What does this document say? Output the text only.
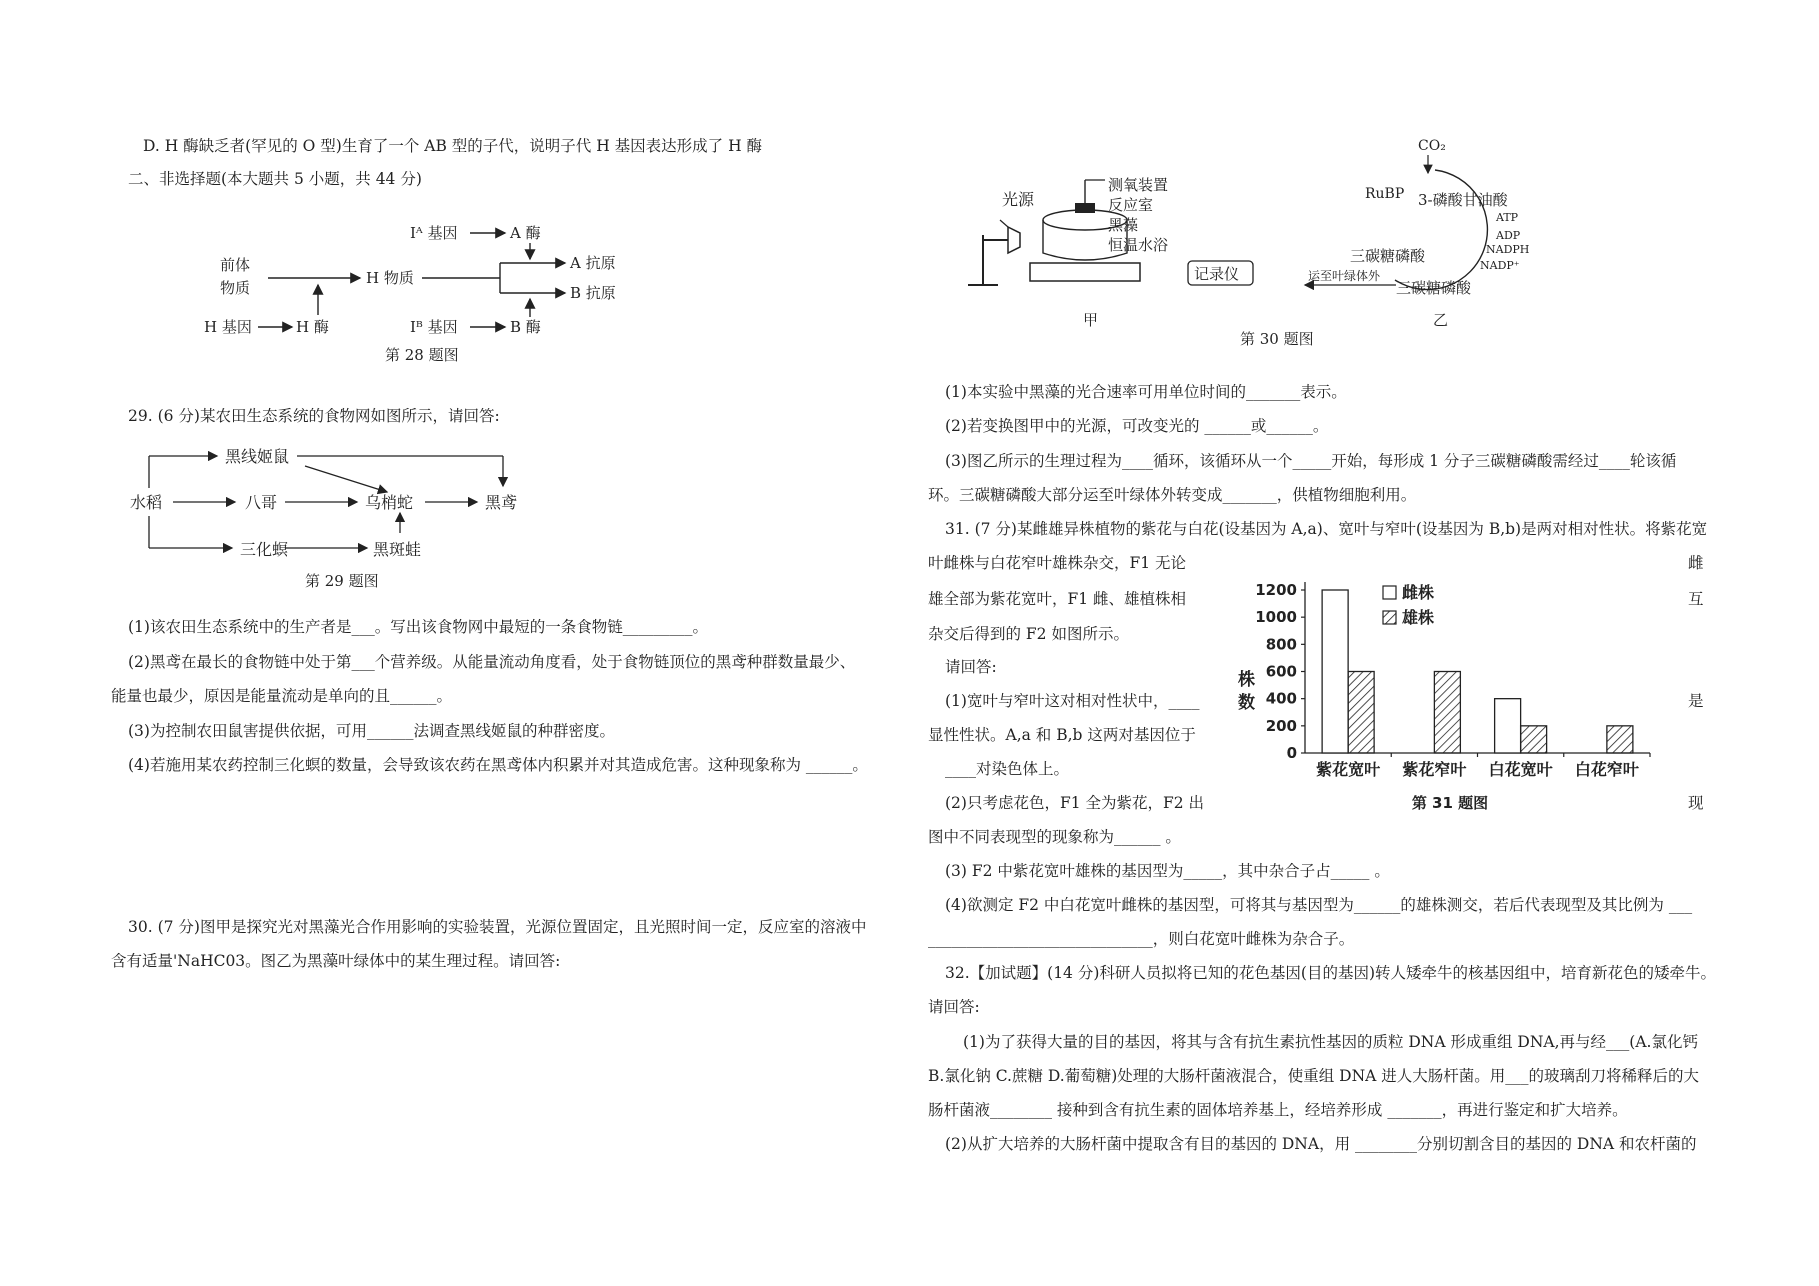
D. H 酶缺乏者(罕见的 O 型)生育了一个 AB 型的子代，说明子代 H 基因表达形成了 H 酶
二、非选择题(本大题共 5 小题，共 44 分)
前体
物质
H 物质
H 基因	H 酶
A 抗原
B 抗原
Iᴬ 基因	A 酶
Iᴮ 基因	B 酶
第 28 题图
29. (6 分)某农田生态系统的食物网如图所示，请回答:
水稻
黑线姬鼠
八哥	乌梢蛇	黑鸢
三化螟	黑斑蛙
第 29 题图
(1)该农田生态系统中的生产者是___。写出该食物网中最短的一条食物链_________。
(2)黑鸢在最长的食物链中处于第___个营养级。从能量流动角度看，处于食物链顶位的黑鸢种群数量最少、
能量也最少，原因是能量流动是单向的且______。
(3)为控制农田鼠害提供依据，可用______法调查黑线姬鼠的种群密度。
(4)若施用某农药控制三化螟的数量，会导致该农药在黑鸢体内积累并对其造成危害。这种现象称为 ______。
30. (7 分)图甲是探究光对黑藻光合作用影响的实验装置，光源位置固定，且光照时间一定，反应室的溶液中
含有适量'NaHC03。图乙为黑藻叶绿体中的某生理过程。请回答:
光源
测氧装置
反应室
黑藻
恒温水浴
记录仪
甲
CO₂
RuBP 3-磷酸甘油酸
ATP
ADP
NADPH
NADP⁺
三碳糖磷酸
三碳糖磷酸
运至叶绿体外
乙
第 30 题图
(1)本实验中黑藻的光合速率可用单位时间的_______表示。
(2)若变换图甲中的光源，可改变光的 ______或______。
(3)图乙所示的生理过程为____循环，该循环从一个_____开始，每形成 1 分子三碳糖磷酸需经过____轮该循
环。三碳糖磷酸大部分运至叶绿体外转变成_______，供植物细胞利用。
31. (7 分)某雌雄异株植物的紫花与白花(设基因为 A,a)、宽叶与窄叶(设基因为 B,b)是两对相对性状。将紫花宽
叶雌株与白花窄叶雄株杂交，F1 无论	雌
雄全部为紫花宽叶，F1 雌、雄植株相	互
杂交后得到的 F2 如图所示。
请回答:
(1)宽叶与窄叶这对相对性状中，____	是
显性性状。A,a 和 B,b 这两对基因位于
____对染色体上。
(2)只考虑花色，F1 全为紫花，F2 出	现
图中不同表现型的现象称为______ 。
(3) F2 中紫花宽叶雄株的基因型为_____，其中杂合子占_____ 。
(4)欲测定 F2 中白花宽叶雌株的基因型，可将其与基因型为______的雄株测交，若后代表现型及其比例为 ___
_____________________________，则白花宽叶雌株为杂合子。
株 数
0
200
400
600
800
1000
1200
紫花宽叶 紫花窄叶 白花宽叶 白花窄叶
雌株
雄株
第 31 题图
32.【加试题】(14 分)科研人员拟将已知的花色基因(目的基因)转人矮牵牛的核基因组中，培育新花色的矮牵牛。
请回答:
(1)为了获得大量的目的基因，将其与含有抗生素抗性基因的质粒 DNA 形成重组 DNA,再与经___(A.氯化钙
B.氯化钠 C.蔗糖 D.葡萄糖)处理的大肠杆菌液混合，使重组 DNA 进人大肠杆菌。用___的玻璃刮刀将稀释后的大
肠杆菌液________ 接种到含有抗生素的固体培养基上，经培养形成 _______，再进行鉴定和扩大培养。
(2)从扩大培养的大肠杆菌中提取含有目的基因的 DNA，用 ________分别切割含目的基因的 DNA 和农杆菌的
